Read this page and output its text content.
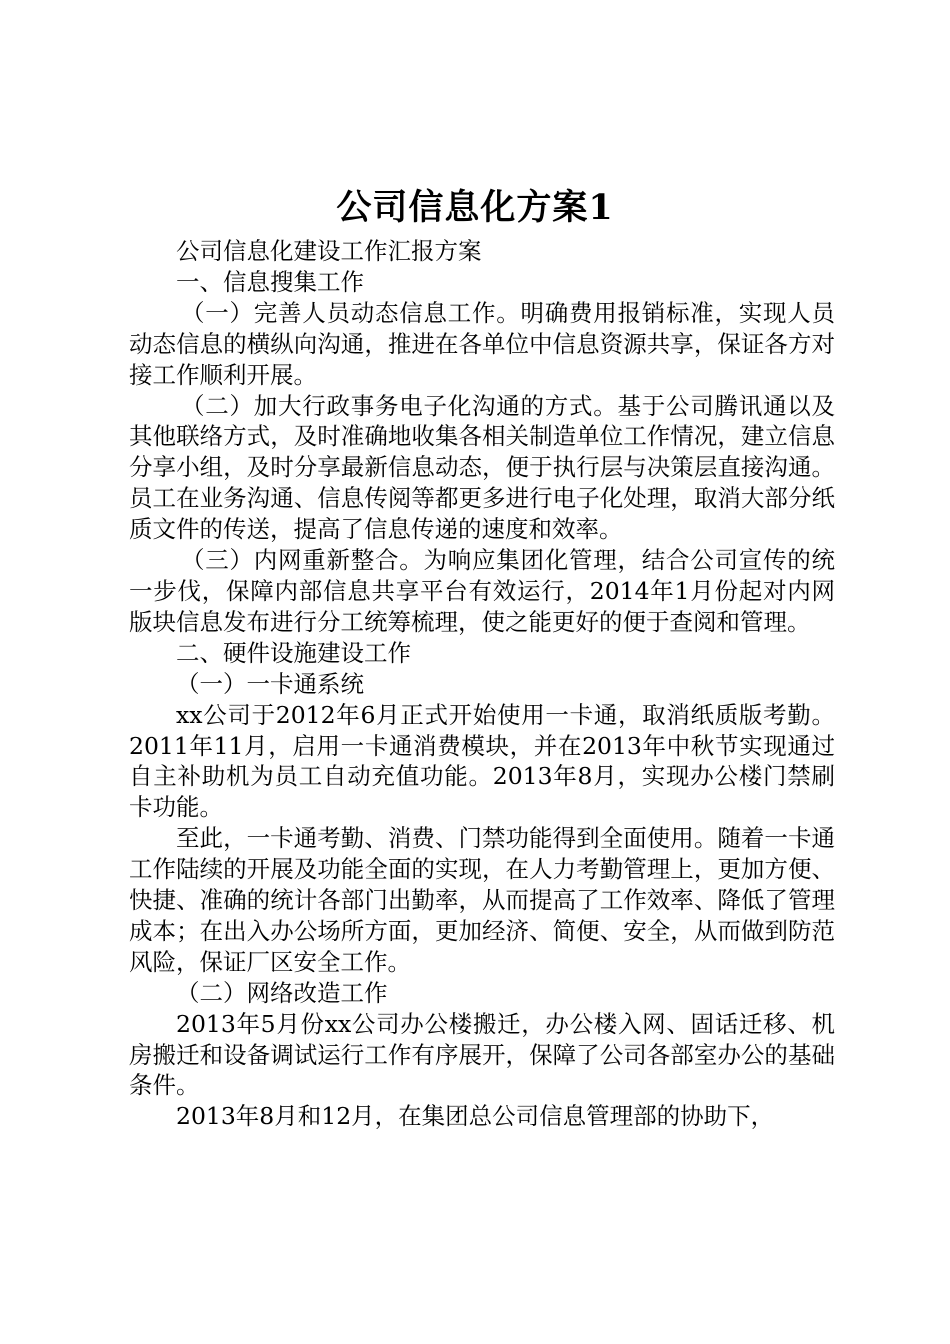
公司信息化方案1

公司信息化建设工作汇报方案

一、信息搜集工作

（一）完善人员动态信息工作。明确费用报销标准，实现人员动态信息的横纵向沟通，推进在各单位中信息资源共享，保证各方对接工作顺利开展。

（二）加大行政事务电子化沟通的方式。基于公司腾讯通以及其他联络方式，及时准确地收集各相关制造单位工作情况，建立信息分享小组，及时分享最新信息动态，便于执行层与决策层直接沟通。员工在业务沟通、信息传阅等都更多进行电子化处理，取消大部分纸质文件的传送，提高了信息传递的速度和效率。

（三）内网重新整合。为响应集团化管理，结合公司宣传的统一步伐，保障内部信息共享平台有效运行，2014年1月份起对内网版块信息发布进行分工统筹梳理，使之能更好的便于查阅和管理。

二、硬件设施建设工作

（一）一卡通系统

xx公司于2012年6月正式开始使用一卡通，取消纸质版考勤。2011年11月，启用一卡通消费模块，并在2013年中秋节实现通过自主补助机为员工自动充值功能。2013年8月，实现办公楼门禁刷卡功能。

至此，一卡通考勤、消费、门禁功能得到全面使用。随着一卡通工作陆续的开展及功能全面的实现，在人力考勤管理上，更加方便、快捷、准确的统计各部门出勤率，从而提高了工作效率、降低了管理成本；在出入办公场所方面，更加经济、简便、安全，从而做到防范风险，保证厂区安全工作。

（二）网络改造工作

2013年5月份xx公司办公楼搬迁，办公楼入网、固话迁移、机房搬迁和设备调试运行工作有序展开，保障了公司各部室办公的基础条件。

2013年8月和12月，在集团总公司信息管理部的协助下，
